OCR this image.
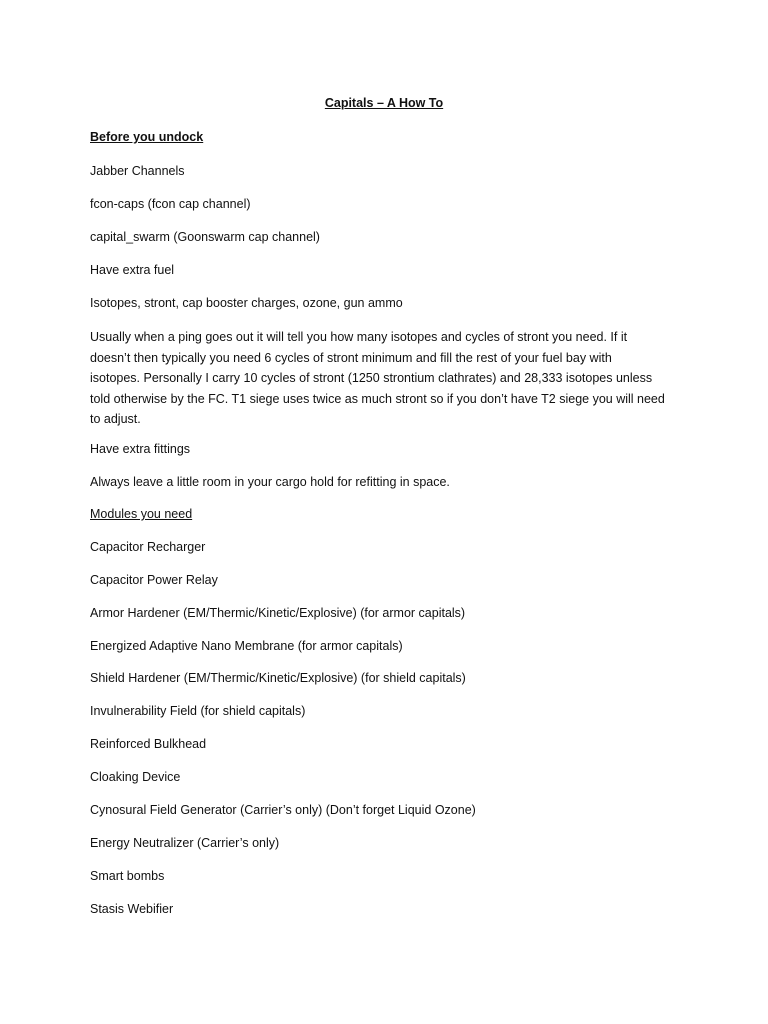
Capitals – A How To

Before you undock

Jabber Channels

fcon-caps (fcon cap channel)

capital_swarm (Goonswarm cap channel)

Have extra fuel

Isotopes, stront, cap booster charges, ozone, gun ammo

Usually when a ping goes out it will tell you how many isotopes and cycles of stront you need. If it
doesn’t then typically you need 6 cycles of stront minimum and fill the rest of your fuel bay with
isotopes. Personally I carry 10 cycles of stront (1250 strontium clathrates) and 28,333 isotopes unless
told otherwise by the FC. T1 siege uses twice as much stront so if you don’t have T2 siege you will need
to adjust.

Have extra fittings

Always leave a little room in your cargo hold for refitting in space.

Modules you need

Capacitor Recharger

Capacitor Power Relay

Armor Hardener (EM/Thermic/Kinetic/Explosive) (for armor capitals)

Energized Adaptive Nano Membrane (for armor capitals)

Shield Hardener (EM/Thermic/Kinetic/Explosive) (for shield capitals)

Invulnerability Field (for shield capitals)

Reinforced Bulkhead

Cloaking Device

Cynosural Field Generator (Carrier’s only) (Don’t forget Liquid Ozone)

Energy Neutralizer (Carrier’s only)

Smart bombs

Stasis Webifier
